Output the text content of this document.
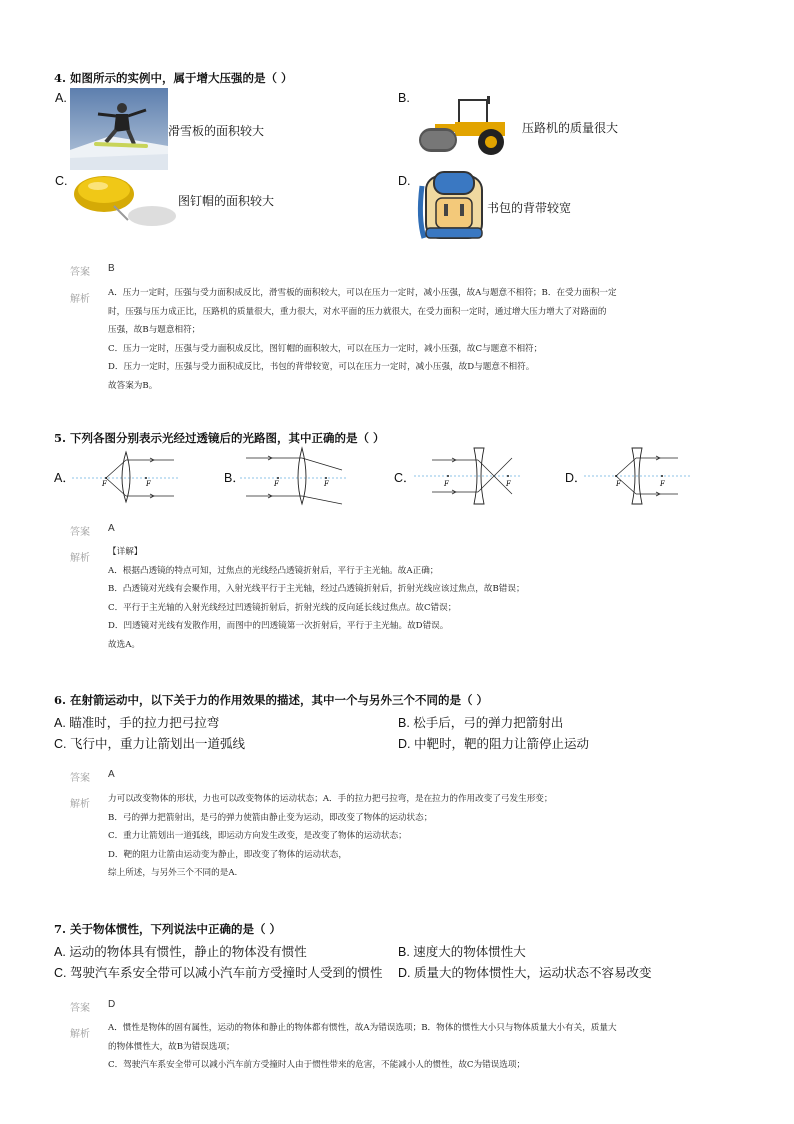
4. 如图所示的实例中，属于增大压强的是（ ）
A.
滑雪板的面积较大
B.
压路机的质量很大
C.
图钉帽的面积较大
D.
书包的背带较宽
答案 B
解析
A．压力一定时，压强与受力面积成反比，滑雪板的面积较大，可以在压力一定时，减小压强，故A与题意不相符；B．在受力面积一定
时，压强与压力成正比，压路机的质量很大，重力很大，对水平面的压力就很大，在受力面积一定时，通过增大压力增大了对路面的
压强，故B与题意相符；
C．压力一定时，压强与受力面积成反比，图钉帽的面积较大，可以在压力一定时，减小压强，故C与题意不相符；
D．压力一定时，压强与受力面积成反比，书包的背带较宽，可以在压力一定时，减小压强，故D与题意不相符。
故答案为B。
5. 下列各图分别表示光经过透镜后的光路图，其中正确的是（ ）
A．	F	F	B．	F	F	C．	F	F	D．	F	F
答案 A
解析
【详解】
A．根据凸透镜的特点可知，过焦点的光线经凸透镜折射后，平行于主光轴。故A正确；
B．凸透镜对光线有会聚作用，入射光线平行于主光轴，经过凸透镜折射后，折射光线应该过焦点，故B错误；
C．平行于主光轴的入射光线经过凹透镜折射后，折射光线的反向延长线过焦点。故C错误；
D．凹透镜对光线有发散作用，而图中的凹透镜第一次折射后，平行于主光轴。故D错误。
故选A。
6. 在射箭运动中，以下关于力的作用效果的描述，其中一个与另外三个不同的是（ ）
A. 瞄准时，手的拉力把弓拉弯	B. 松手后，弓的弹力把箭射出
C. 飞行中，重力让箭划出一道弧线	D. 中靶时，靶的阻力让箭停止运动
答案 A
解析 力可以改变物体的形状，力也可以改变物体的运动状态；A．手的拉力把弓拉弯，是在拉力的作用改变了弓发生形变；
B．弓的弹力把箭射出，是弓的弹力使箭由静止变为运动，即改变了物体的运动状态；
C．重力让箭划出一道弧线，即运动方向发生改变，是改变了物体的运动状态；
D．靶的阻力让箭由运动变为静止，即改变了物体的运动状态，
综上所述，与另外三个不同的是A.
7. 关于物体惯性，下列说法中正确的是（ ）
A. 运动的物体具有惯性，静止的物体没有惯性	B. 速度大的物体惯性大
C. 驾驶汽车系安全带可以减小汽车前方受撞时人受到的惯性 D. 质量大的物体惯性大，运动状态不容易改变
答案 D
解析
A．惯性是物体的固有属性，运动的物体和静止的物体都有惯性，故A为错误选项；B．物体的惯性大小只与物体质量大小有关，质量大
的物体惯性大，故B为错误选项；
C．驾驶汽车系安全带可以减小汽车前方受撞时人由于惯性带来的危害，不能减小人的惯性，故C为错误选项；
